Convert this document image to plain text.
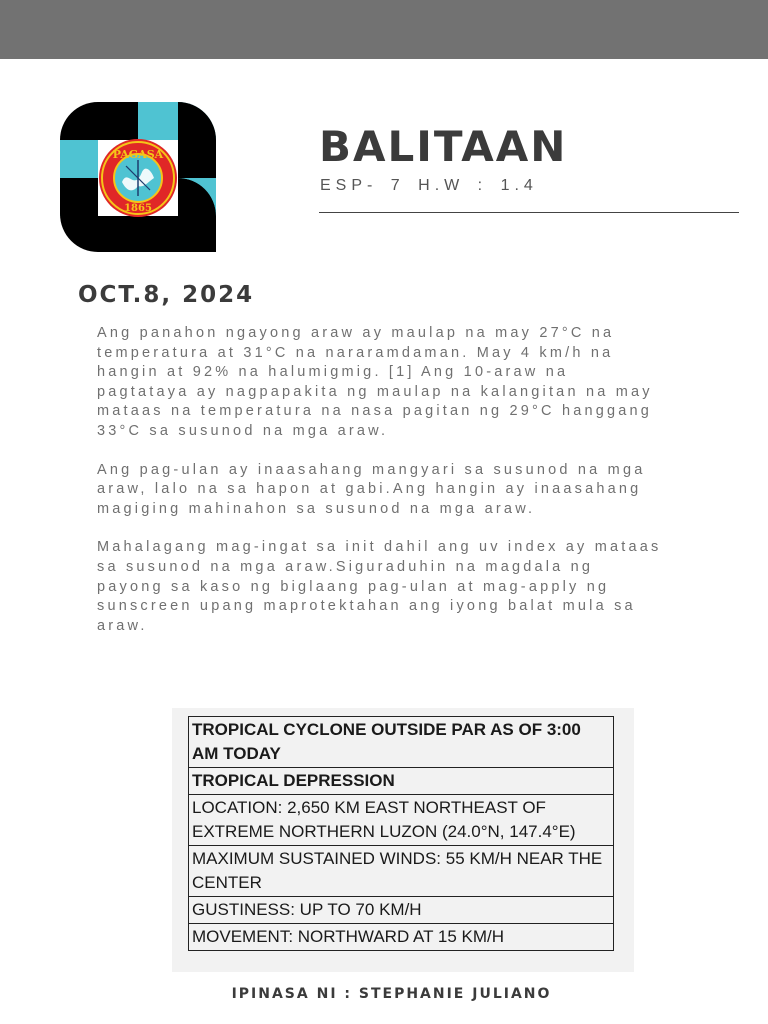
PAGASA
1865
BALITAAN
ESP- 7 H.W : 1.4
OCT.8, 2024

Ang panahon ngayong araw ay maulap na may 27°C na temperatura at 31°C na nararamdaman. May 4 km/h na hangin at 92% na halumigmig. [1] Ang 10-araw na pagtataya ay nagpapakita ng maulap na kalangitan na may mataas na temperatura na nasa pagitan ng 29°C hanggang 33°C sa susunod na mga araw.

Ang pag-ulan ay inaasahang mangyari sa susunod na mga araw, lalo na sa hapon at gabi.Ang hangin ay inaasahang magiging mahinahon sa susunod na mga araw.

Mahalagang mag-ingat sa init dahil ang uv index ay mataas sa susunod na mga araw.Siguraduhin na magdala ng payong sa kaso ng biglaang pag-ulan at mag-apply ng sunscreen upang maprotektahan ang iyong balat mula sa araw.

TROPICAL CYCLONE OUTSIDE PAR AS OF 3:00 AM TODAY
TROPICAL DEPRESSION
LOCATION: 2,650 KM EAST NORTHEAST OF EXTREME NORTHERN LUZON (24.0°N, 147.4°E)
MAXIMUM SUSTAINED WINDS: 55 KM/H NEAR THE CENTER
GUSTINESS: UP TO 70 KM/H
MOVEMENT: NORTHWARD AT 15 KM/H
IPINASA NI : STEPHANIE JULIANO
